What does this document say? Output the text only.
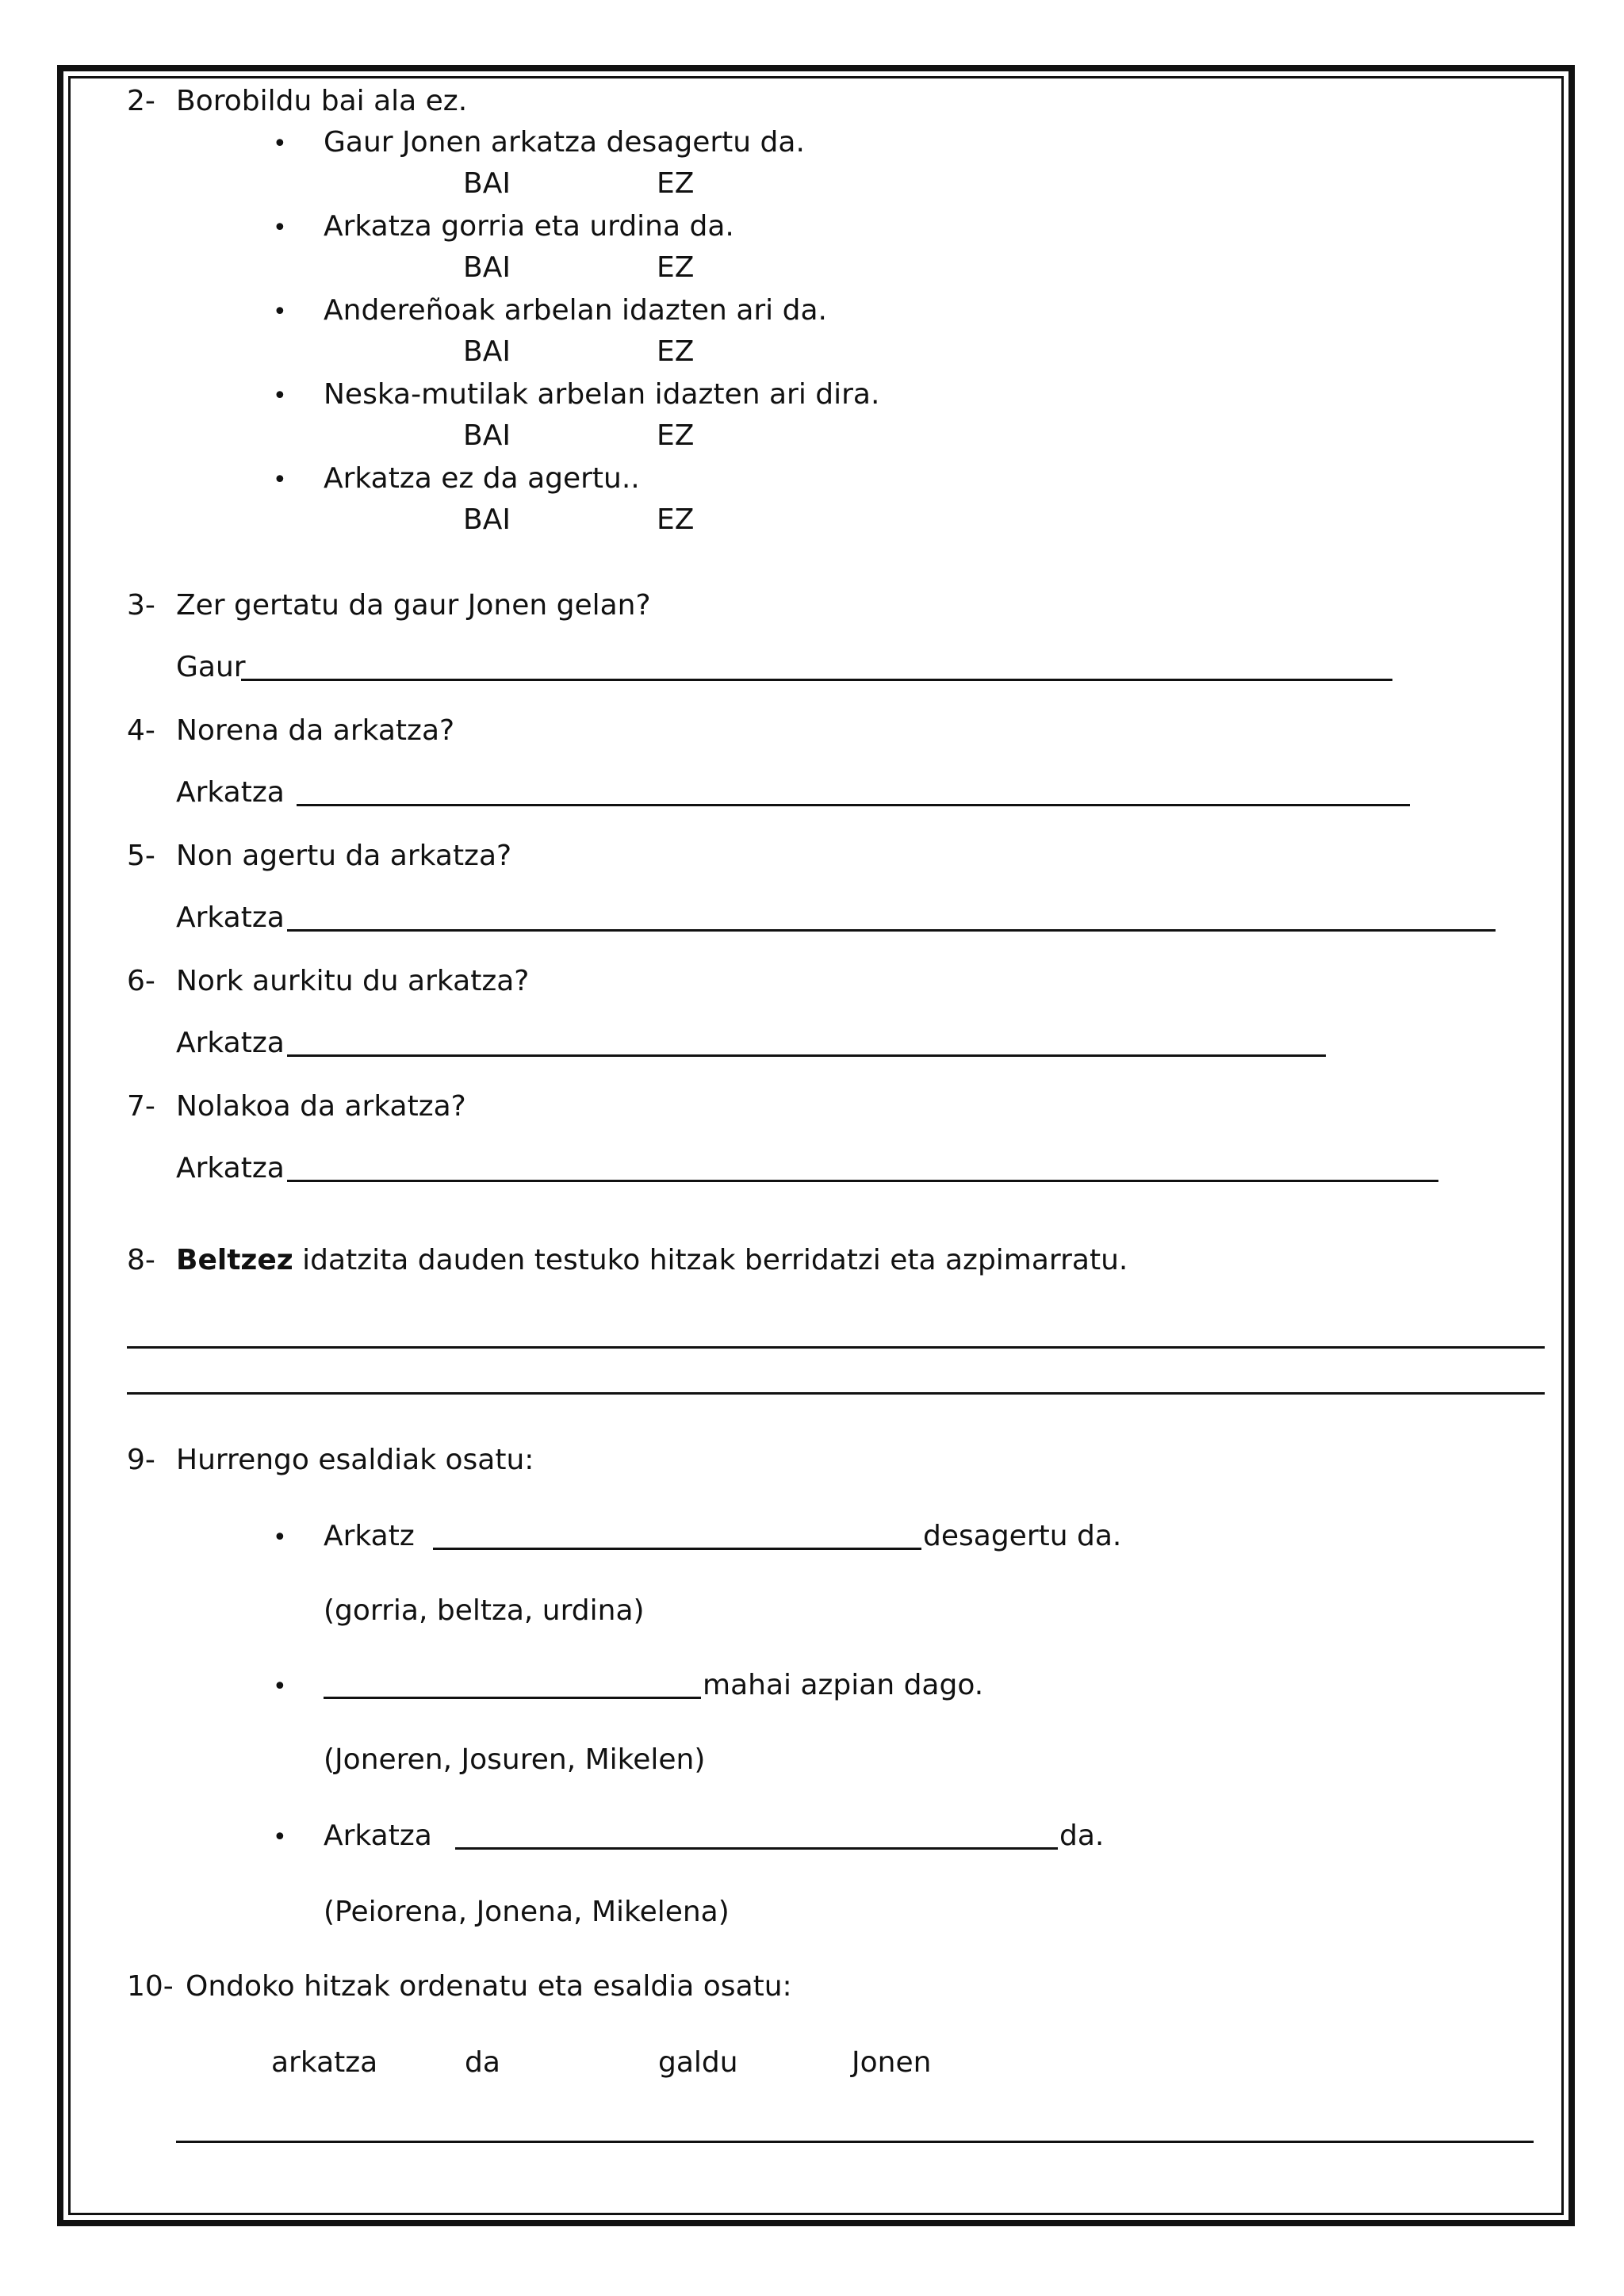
2- Borobildu bai ala ez.
• Gaur Jonen arkatza desagertu da.
BAI	EZ
• Arkatza gorria eta urdina da.
BAI	EZ
• Andereñoak arbelan idazten ari da.
BAI	EZ
• Neska-mutilak arbelan idazten ari dira.
BAI	EZ
• Arkatza ez da agertu..
BAI	EZ
3- Zer gertatu da gaur Jonen gelan?
Gaur
4- Norena da arkatza?
Arkatza
5- Non agertu da arkatza?
Arkatza
6- Nork aurkitu du arkatza?
Arkatza
7- Nolakoa da arkatza?
Arkatza
8- Beltzez idatzita dauden testuko hitzak berridatzi eta azpimarratu.
9- Hurrengo esaldiak osatu:
• Arkatz	desagertu da.
(gorria, beltza, urdina)
•	mahai azpian dago.
(Joneren, Josuren, Mikelen)
• Arkatza	da.
(Peiorena, Jonena, Mikelena)
10- Ondoko hitzak ordenatu eta esaldia osatu:
arkatza	da	galdu	Jonen
